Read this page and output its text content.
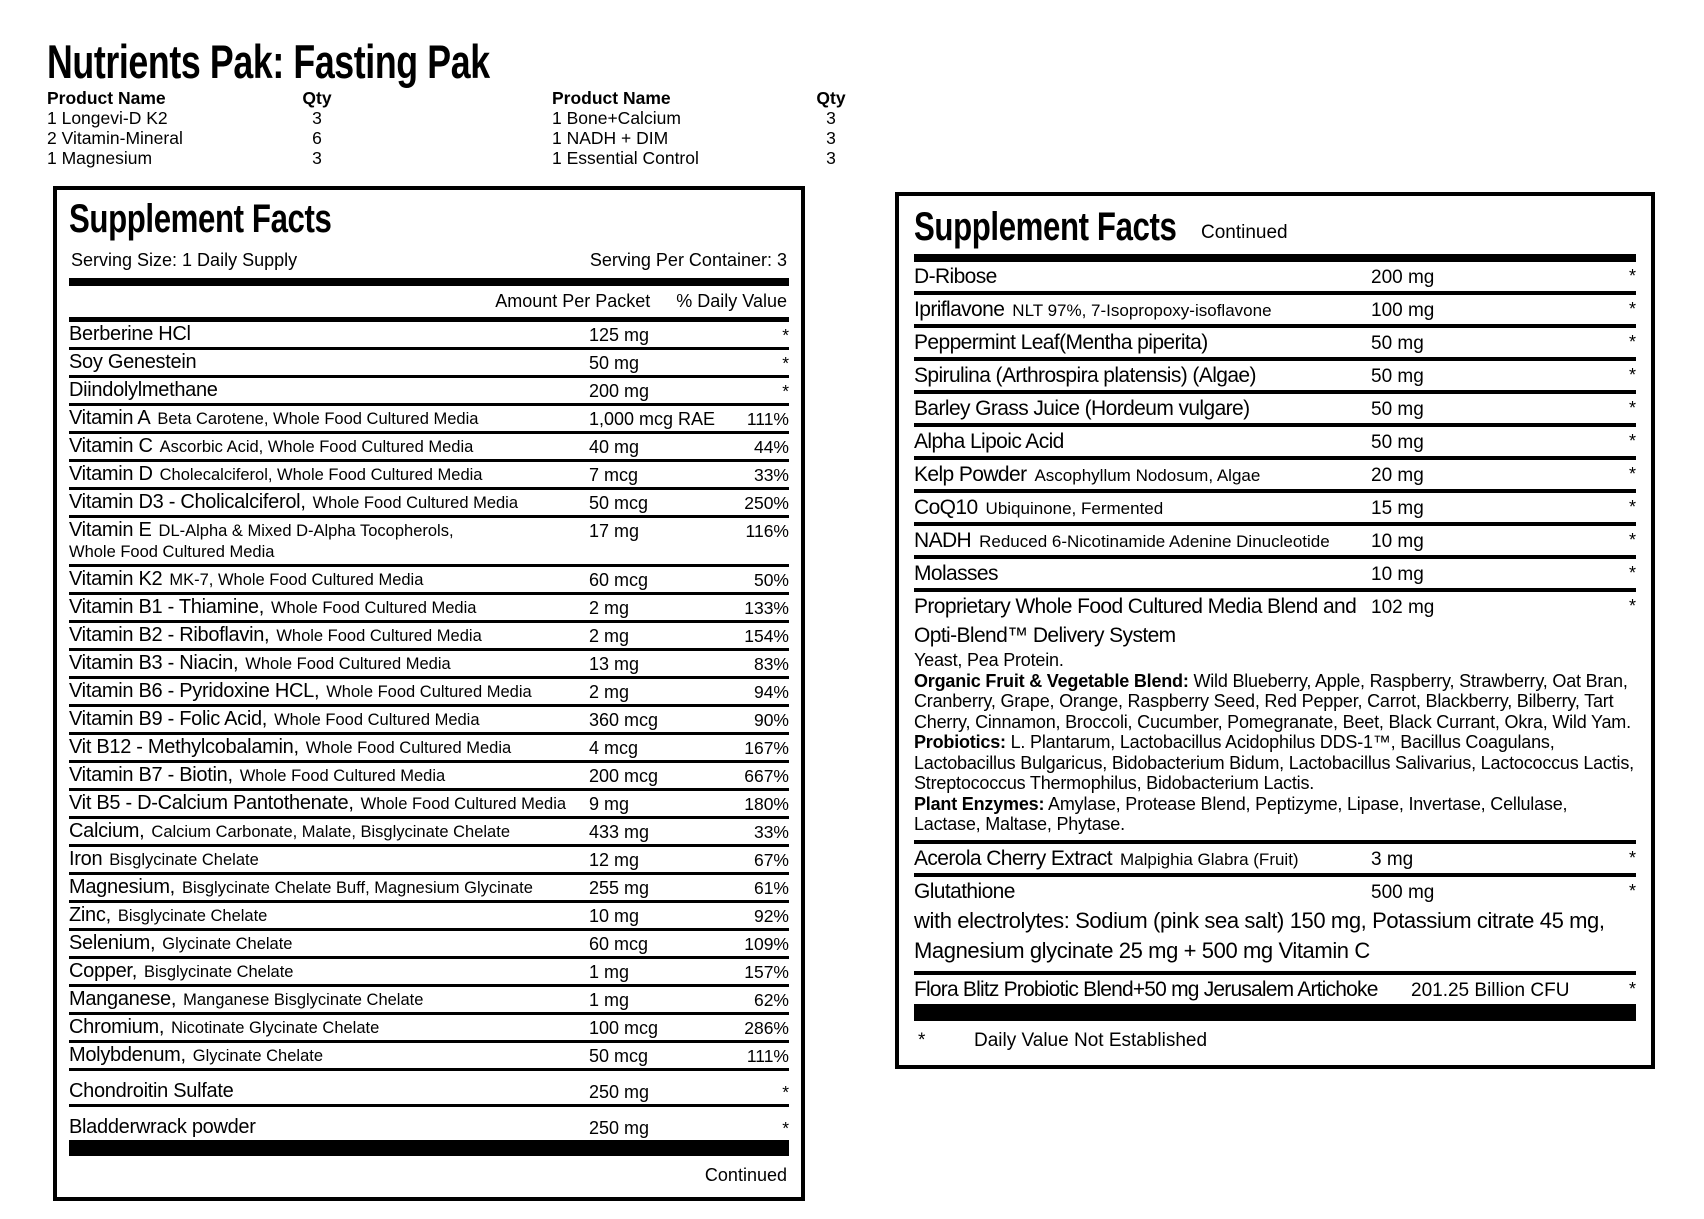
Nutrients Pak: Fasting Pak
Product Name	Qty	Product Name	Qty
1 Longevi-D K2	3	1 Bone+Calcium	3
2 Vitamin-Mineral	6	1 NADH + DIM	3
1 Magnesium	3	1 Essential Control	3
Supplement Facts
Serving Size: 1 Daily Supply	Serving Per Container: 3
Amount Per Packet % Daily Value
Berberine HCl	125 mg	*
Soy Genestein	50 mg	*
Diindolylmethane	200 mg	*
Vitamin A Beta Carotene, Whole Food Cultured Media	1,000 mcg RAE	111%
Vitamin C Ascorbic Acid, Whole Food Cultured Media	40 mg	44%
Vitamin D Cholecalciferol, Whole Food Cultured Media	7 mcg	33%
Vitamin D3 - Cholicalciferol, Whole Food Cultured Media	50 mcg	250%
Vitamin E DL-Alpha & Mixed D-Alpha Tocopherols,
Whole Food Cultured Media
17 mg	116%
Vitamin K2 MK-7, Whole Food Cultured Media	60 mcg	50%
Vitamin B1 - Thiamine, Whole Food Cultured Media	2 mg	133%
Vitamin B2 - Riboflavin, Whole Food Cultured Media	2 mg	154%
Vitamin B3 - Niacin, Whole Food Cultured Media	13 mg	83%
Vitamin B6 - Pyridoxine HCL, Whole Food Cultured Media	2 mg	94%
Vitamin B9 - Folic Acid, Whole Food Cultured Media	360 mcg	90%
Vit B12 - Methylcobalamin, Whole Food Cultured Media	4 mcg	167%
Vitamin B7 - Biotin, Whole Food Cultured Media	200 mcg	667%
Vit B5 - D-Calcium Pantothenate, Whole Food Cultured Media	9 mg	180%
Calcium, Calcium Carbonate, Malate, Bisglycinate Chelate	433 mg	33%
Iron Bisglycinate Chelate	12 mg	67%
Magnesium, Bisglycinate Chelate Buff, Magnesium Glycinate	255 mg	61%
Zinc, Bisglycinate Chelate	10 mg	92%
Selenium, Glycinate Chelate	60 mcg	109%
Copper, Bisglycinate Chelate	1 mg	157%
Manganese, Manganese Bisglycinate Chelate	1 mg	62%
Chromium, Nicotinate Glycinate Chelate	100 mcg	286%
Molybdenum, Glycinate Chelate	50 mcg	111%
Chondroitin Sulfate	250 mg	*
Bladderwrack powder	250 mg	*
Continued
Supplement Facts	Continued
D-Ribose	200 mg	*
Ipriflavone NLT 97%, 7-Isopropoxy-isoflavone	100 mg	*
Peppermint Leaf(Mentha piperita)	50 mg	*
Spirulina (Arthrospira platensis) (Algae)	50 mg	*
Barley Grass Juice (Hordeum vulgare)	50 mg	*
Alpha Lipoic Acid	50 mg	*
Kelp Powder Ascophyllum Nodosum, Algae	20 mg	*
CoQ10 Ubiquinone, Fermented	15 mg	*
NADH Reduced 6-Nicotinamide Adenine Dinucleotide	10 mg	*
Molasses	10 mg	*
Proprietary Whole Food Cultured Media Blend and
Opti-Blend™ Delivery System
102 mg	*
Yeast, Pea Protein.
Organic Fruit & Vegetable Blend: Wild Blueberry, Apple, Raspberry, Strawberry, Oat Bran, Cranberry, Grape, Orange, Raspberry Seed, Red Pepper, Carrot, Blackberry, Bilberry, Tart Cherry, Cinnamon, Broccoli, Cucumber, Pomegranate, Beet, Black Currant, Okra, Wild Yam.
Probiotics: L. Plantarum, Lactobacillus Acidophilus DDS-1™, Bacillus Coagulans, Lactobacillus Bulgaricus, Bidobacterium Bidum, Lactobacillus Salivarius, Lactococcus Lactis, Streptococcus Thermophilus, Bidobacterium Lactis.
Plant Enzymes: Amylase, Protease Blend, Peptizyme, Lipase, Invertase, Cellulase, Lactase, Maltase, Phytase.
Acerola Cherry Extract Malpighia Glabra (Fruit)	3 mg	*
Glutathione	500 mg	*
with electrolytes: Sodium (pink sea salt) 150 mg, Potassium citrate 45 mg, Magnesium glycinate 25 mg + 500 mg Vitamin C
Flora Blitz Probiotic Blend+50 mg Jerusalem Artichoke	201.25 Billion CFU	*
*	Daily Value Not Established
